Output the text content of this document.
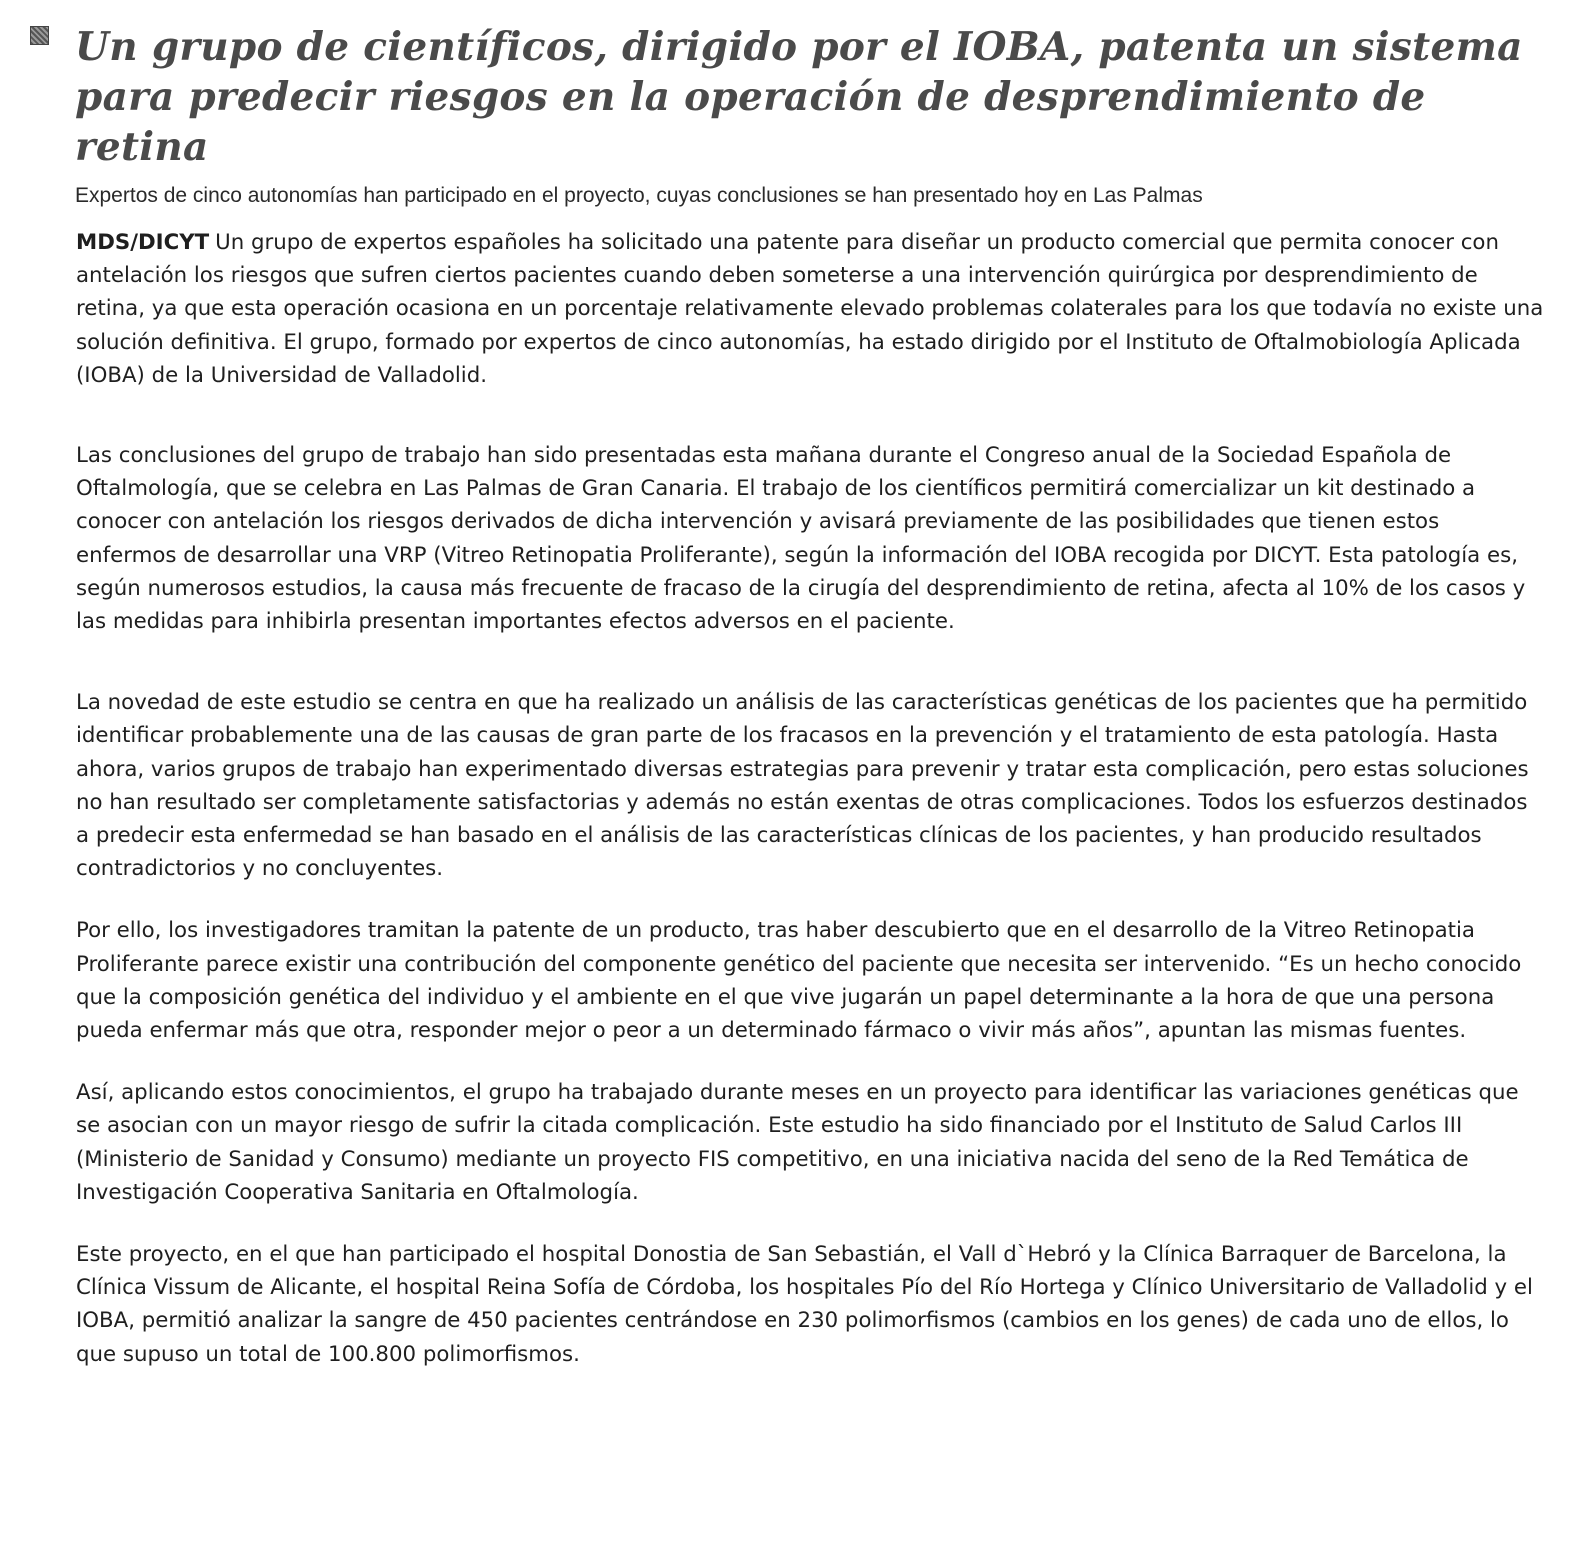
Un grupo de científicos, dirigido por el IOBA, patenta un sistema para predecir riesgos en la operación de desprendimiento de retina
Expertos de cinco autonomías han participado en el proyecto, cuyas conclusiones se han presentado hoy en Las Palmas

MDS/DICYT Un grupo de expertos españoles ha solicitado una patente para diseñar un producto comercial que permita conocer con antelación los riesgos que sufren ciertos pacientes cuando deben someterse a una intervención quirúrgica por desprendimiento de retina, ya que esta operación ocasiona en un porcentaje relativamente elevado problemas colaterales para los que todavía no existe una solución definitiva. El grupo, formado por expertos de cinco autonomías, ha estado dirigido por el Instituto de Oftalmobiología Aplicada (IOBA) de la Universidad de Valladolid.

Las conclusiones del grupo de trabajo han sido presentadas esta mañana durante el Congreso anual de la Sociedad Española de Oftalmología, que se celebra en Las Palmas de Gran Canaria. El trabajo de los científicos permitirá comercializar un kit destinado a conocer con antelación los riesgos derivados de dicha intervención y avisará previamente de las posibilidades que tienen estos enfermos de desarrollar una VRP (Vitreo Retinopatia Proliferante), según la información del IOBA recogida por DICYT. Esta patología es, según numerosos estudios, la causa más frecuente de fracaso de la cirugía del desprendimiento de retina, afecta al 10% de los casos y las medidas para inhibirla presentan importantes efectos adversos en el paciente.

La novedad de este estudio se centra en que ha realizado un análisis de las características genéticas de los pacientes que ha permitido identificar probablemente una de las causas de gran parte de los fracasos en la prevención y el tratamiento de esta patología. Hasta ahora, varios grupos de trabajo han experimentado diversas estrategias para prevenir y tratar esta complicación, pero estas soluciones no han resultado ser completamente satisfactorias y además no están exentas de otras complicaciones. Todos los esfuerzos destinados a predecir esta enfermedad se han basado en el análisis de las características clínicas de los pacientes, y han producido resultados contradictorios y no concluyentes.

Por ello, los investigadores tramitan la patente de un producto, tras haber descubierto que en el desarrollo de la Vitreo Retinopatia Proliferante parece existir una contribución del componente genético del paciente que necesita ser intervenido. “Es un hecho conocido que la composición genética del individuo y el ambiente en el que vive jugarán un papel determinante a la hora de que una persona pueda enfermar más que otra, responder mejor o peor a un determinado fármaco o vivir más años”, apuntan las mismas fuentes.

Así, aplicando estos conocimientos, el grupo ha trabajado durante meses en un proyecto para identificar las variaciones genéticas que se asocian con un mayor riesgo de sufrir la citada complicación. Este estudio ha sido financiado por el Instituto de Salud Carlos III (Ministerio de Sanidad y Consumo) mediante un proyecto FIS competitivo, en una iniciativa nacida del seno de la Red Temática de Investigación Cooperativa Sanitaria en Oftalmología.

Este proyecto, en el que han participado el hospital Donostia de San Sebastián, el Vall d`Hebró y la Clínica Barraquer de Barcelona, la Clínica Vissum de Alicante, el hospital Reina Sofía de Córdoba, los hospitales Pío del Río Hortega y Clínico Universitario de Valladolid y el IOBA, permitió analizar la sangre de 450 pacientes centrándose en 230 polimorfismos (cambios en los genes) de cada uno de ellos, lo que supuso un total de 100.800 polimorfismos.
